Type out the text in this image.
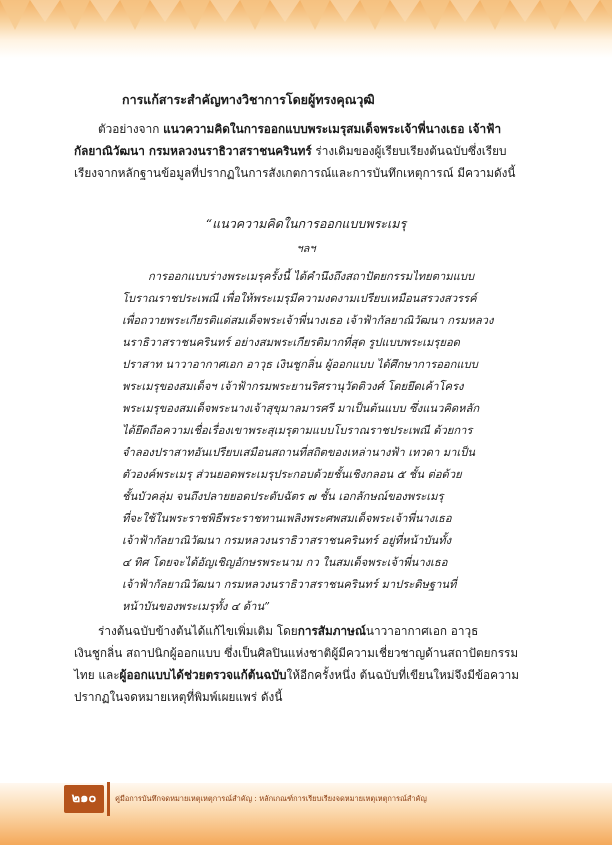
การแก้สาระสำคัญทางวิชาการโดยผู้ทรงคุณวุฒิ
ตัวอย่างจาก แนวความคิดในการออกแบบพระเมรุสมเด็จพระเจ้าพี่นางเธอ เจ้าฟ้า
กัลยาณิวัฒนา กรมหลวงนราธิวาสราชนครินทร์ ร่างเดิมของผู้เรียบเรียงต้นฉบับซึ่งเรียบ
เรียงจากหลักฐานข้อมูลที่ปรากฏในการสังเกตการณ์และการบันทึกเหตุการณ์ มีความดังนี้
“แนวความคิดในการออกแบบพระเมรุ
ฯลฯ
การออกแบบร่างพระเมรุครั้งนี้ ได้คำนึงถึงสถาปัตยกรรมไทยตามแบบ
โบราณราชประเพณี เพื่อให้พระเมรุมีความงดงามเปรียบเหมือนสรวงสวรรค์
เพื่อถวายพระเกียรติแด่สมเด็จพระเจ้าพี่นางเธอ เจ้าฟ้ากัลยาณิวัฒนา กรมหลวง
นราธิวาสราชนครินทร์ อย่างสมพระเกียรติมากที่สุด รูปแบบพระเมรุยอด
ปราสาท นาวาอากาศเอก อาวุธ เงินชูกลิ่น ผู้ออกแบบ ได้ศึกษาการออกแบบ
พระเมรุของสมเด็จฯ เจ้าฟ้ากรมพระยานริศรานุวัดติวงศ์ โดยยึดเค้าโครง
พระเมรุของสมเด็จพระนางเจ้าสุขุมาลมารศรี มาเป็นต้นแบบ ซึ่งแนวคิดหลัก
ได้ยึดถือความเชื่อเรื่องเขาพระสุเมรุตามแบบโบราณราชประเพณี ด้วยการ
จำลองปราสาทอันเปรียบเสมือนสถานที่สถิตของเหล่านางฟ้า เทวดา มาเป็น
ตัวองค์พระเมรุ ส่วนยอดพระเมรุประกอบด้วยชั้นเชิงกลอน ๕ ชั้น ต่อด้วย
ชั้นบัวคลุ่ม จนถึงปลายยอดประดับฉัตร ๗ ชั้น เอกลักษณ์ของพระเมรุ
ที่จะใช้ในพระราชพิธีพระราชทานเพลิงพระศพสมเด็จพระเจ้าพี่นางเธอ
เจ้าฟ้ากัลยาณิวัฒนา กรมหลวงนราธิวาสราชนครินทร์ อยู่ที่หน้าบันทั้ง
๔ ทิศ โดยจะได้อัญเชิญอักษรพระนาม กว ในสมเด็จพระเจ้าพี่นางเธอ
เจ้าฟ้ากัลยาณิวัฒนา กรมหลวงนราธิวาสราชนครินทร์ มาประดิษฐานที่
หน้าบันของพระเมรุทั้ง ๔ ด้าน”
ร่างต้นฉบับข้างต้นได้แก้ไขเพิ่มเติม โดยการสัมภาษณ์นาวาอากาศเอก อาวุธ
เงินชูกลิ่น สถาปนิกผู้ออกแบบ ซึ่งเป็นศิลปินแห่งชาติผู้มีความเชี่ยวชาญด้านสถาปัตยกรรม
ไทย และผู้ออกแบบได้ช่วยตรวจแก้ต้นฉบับให้อีกครั้งหนึ่ง ต้นฉบับที่เขียนใหม่จึงมีข้อความ
ปรากฏในจดหมายเหตุที่พิมพ์เผยแพร่ ดังนี้
๒๑๐	คู่มือการบันทึกจดหมายเหตุเหตุการณ์สำคัญ : หลักเกณฑ์การเรียบเรียงจดหมายเหตุเหตุการณ์สำคัญ
